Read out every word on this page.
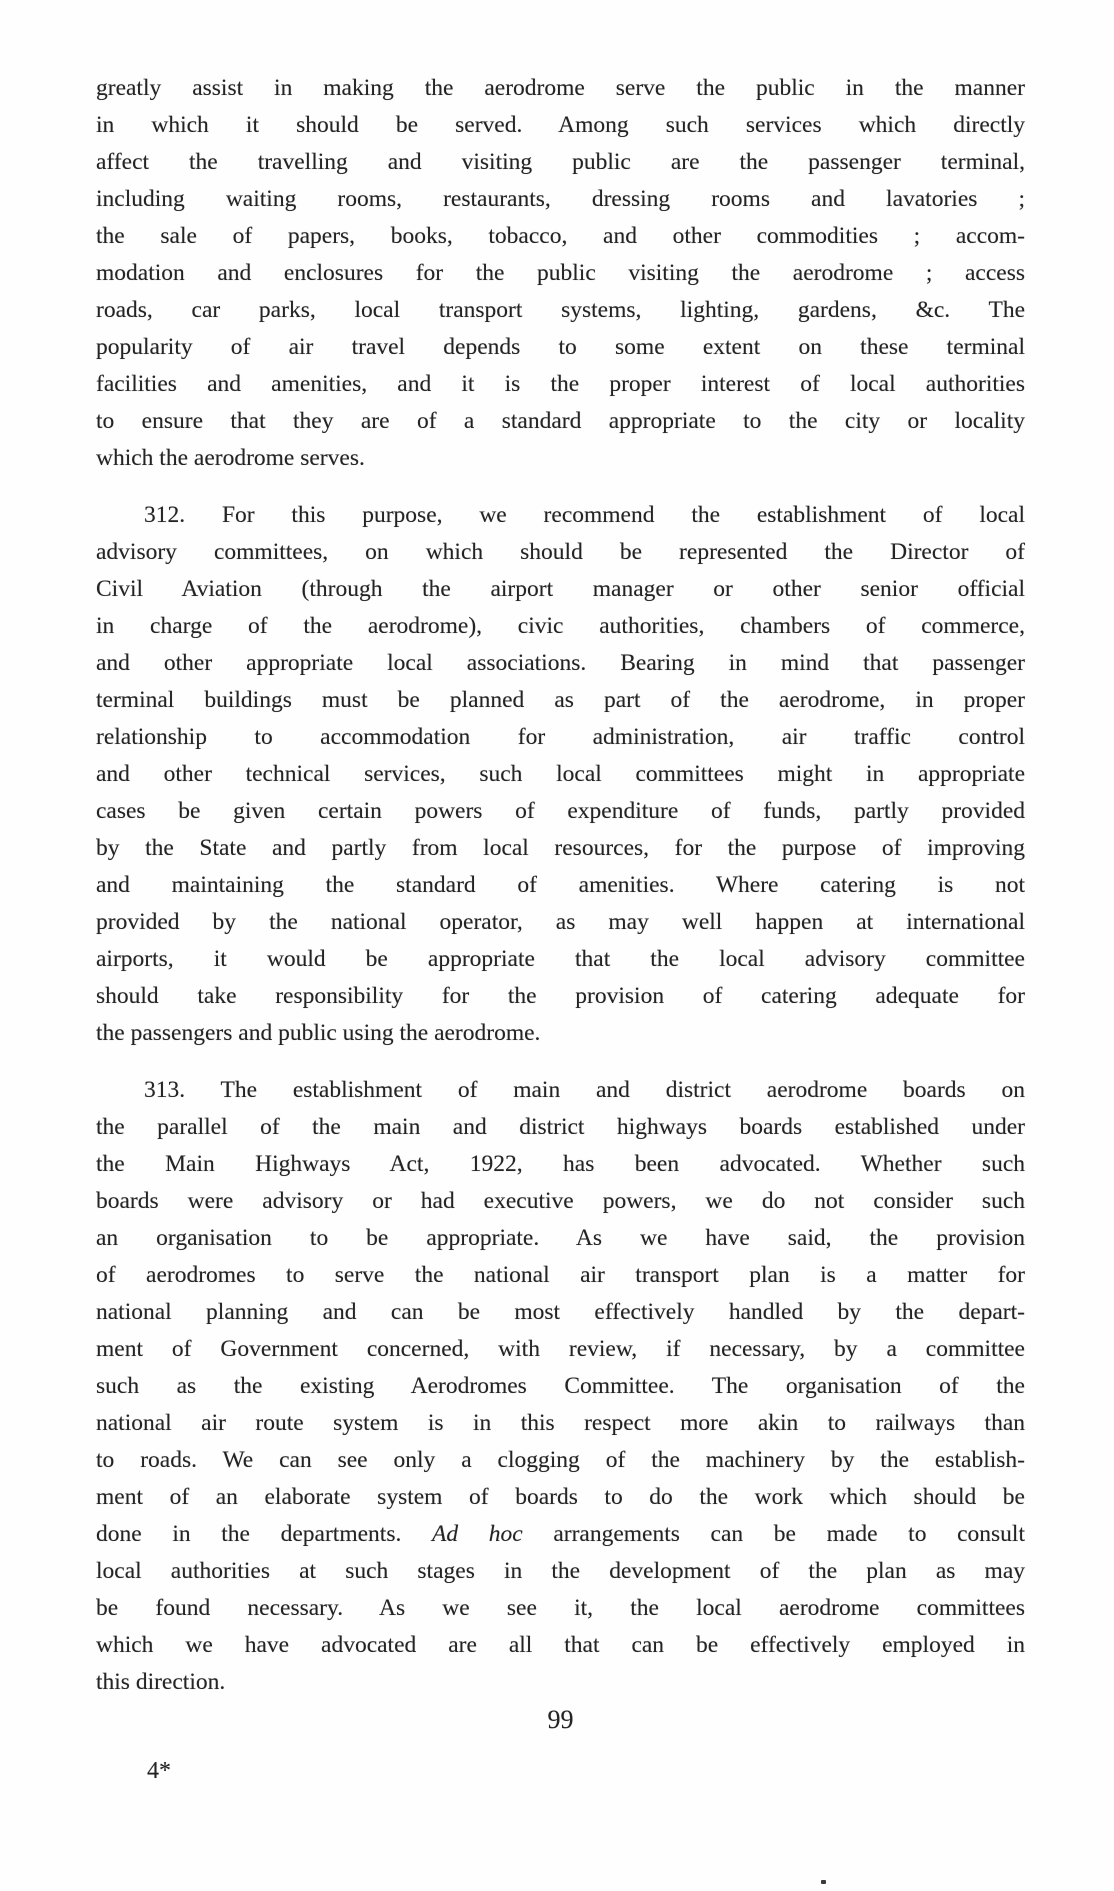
greatly assist in making the aerodrome serve the public in the manner
in which it should be served. Among such services which directly
affect the travelling and visiting public are the passenger terminal,
including waiting rooms, restaurants, dressing rooms and lavatories ;
the sale of papers, books, tobacco, and other commodities ; accom-
modation and enclosures for the public visiting the aerodrome ; access
roads, car parks, local transport systems, lighting, gardens, &c. The
popularity of air travel depends to some extent on these terminal
facilities and amenities, and it is the proper interest of local authorities
to ensure that they are of a standard appropriate to the city or locality
which the aerodrome serves.
312. For this purpose, we recommend the establishment of local
advisory committees, on which should be represented the Director of
Civil Aviation (through the airport manager or other senior official
in charge of the aerodrome), civic authorities, chambers of commerce,
and other appropriate local associations. Bearing in mind that passenger
terminal buildings must be planned as part of the aerodrome, in proper
relationship to accommodation for administration, air traffic control
and other technical services, such local committees might in appropriate
cases be given certain powers of expenditure of funds, partly provided
by the State and partly from local resources, for the purpose of improving
and maintaining the standard of amenities. Where catering is not
provided by the national operator, as may well happen at international
airports, it would be appropriate that the local advisory committee
should take responsibility for the provision of catering adequate for
the passengers and public using the aerodrome.
313. The establishment of main and district aerodrome boards on
the parallel of the main and district highways boards established under
the Main Highways Act, 1922, has been advocated. Whether such
boards were advisory or had executive powers, we do not consider such
an organisation to be appropriate. As we have said, the provision
of aerodromes to serve the national air transport plan is a matter for
national planning and can be most effectively handled by the depart-
ment of Government concerned, with review, if necessary, by a committee
such as the existing Aerodromes Committee. The organisation of the
national air route system is in this respect more akin to railways than
to roads. We can see only a clogging of the machinery by the establish-
ment of an elaborate system of boards to do the work which should be
done in the departments. Ad hoc arrangements can be made to consult
local authorities at such stages in the development of the plan as may
be found necessary. As we see it, the local aerodrome committees
which we have advocated are all that can be effectively employed in
this direction.
99
4*
